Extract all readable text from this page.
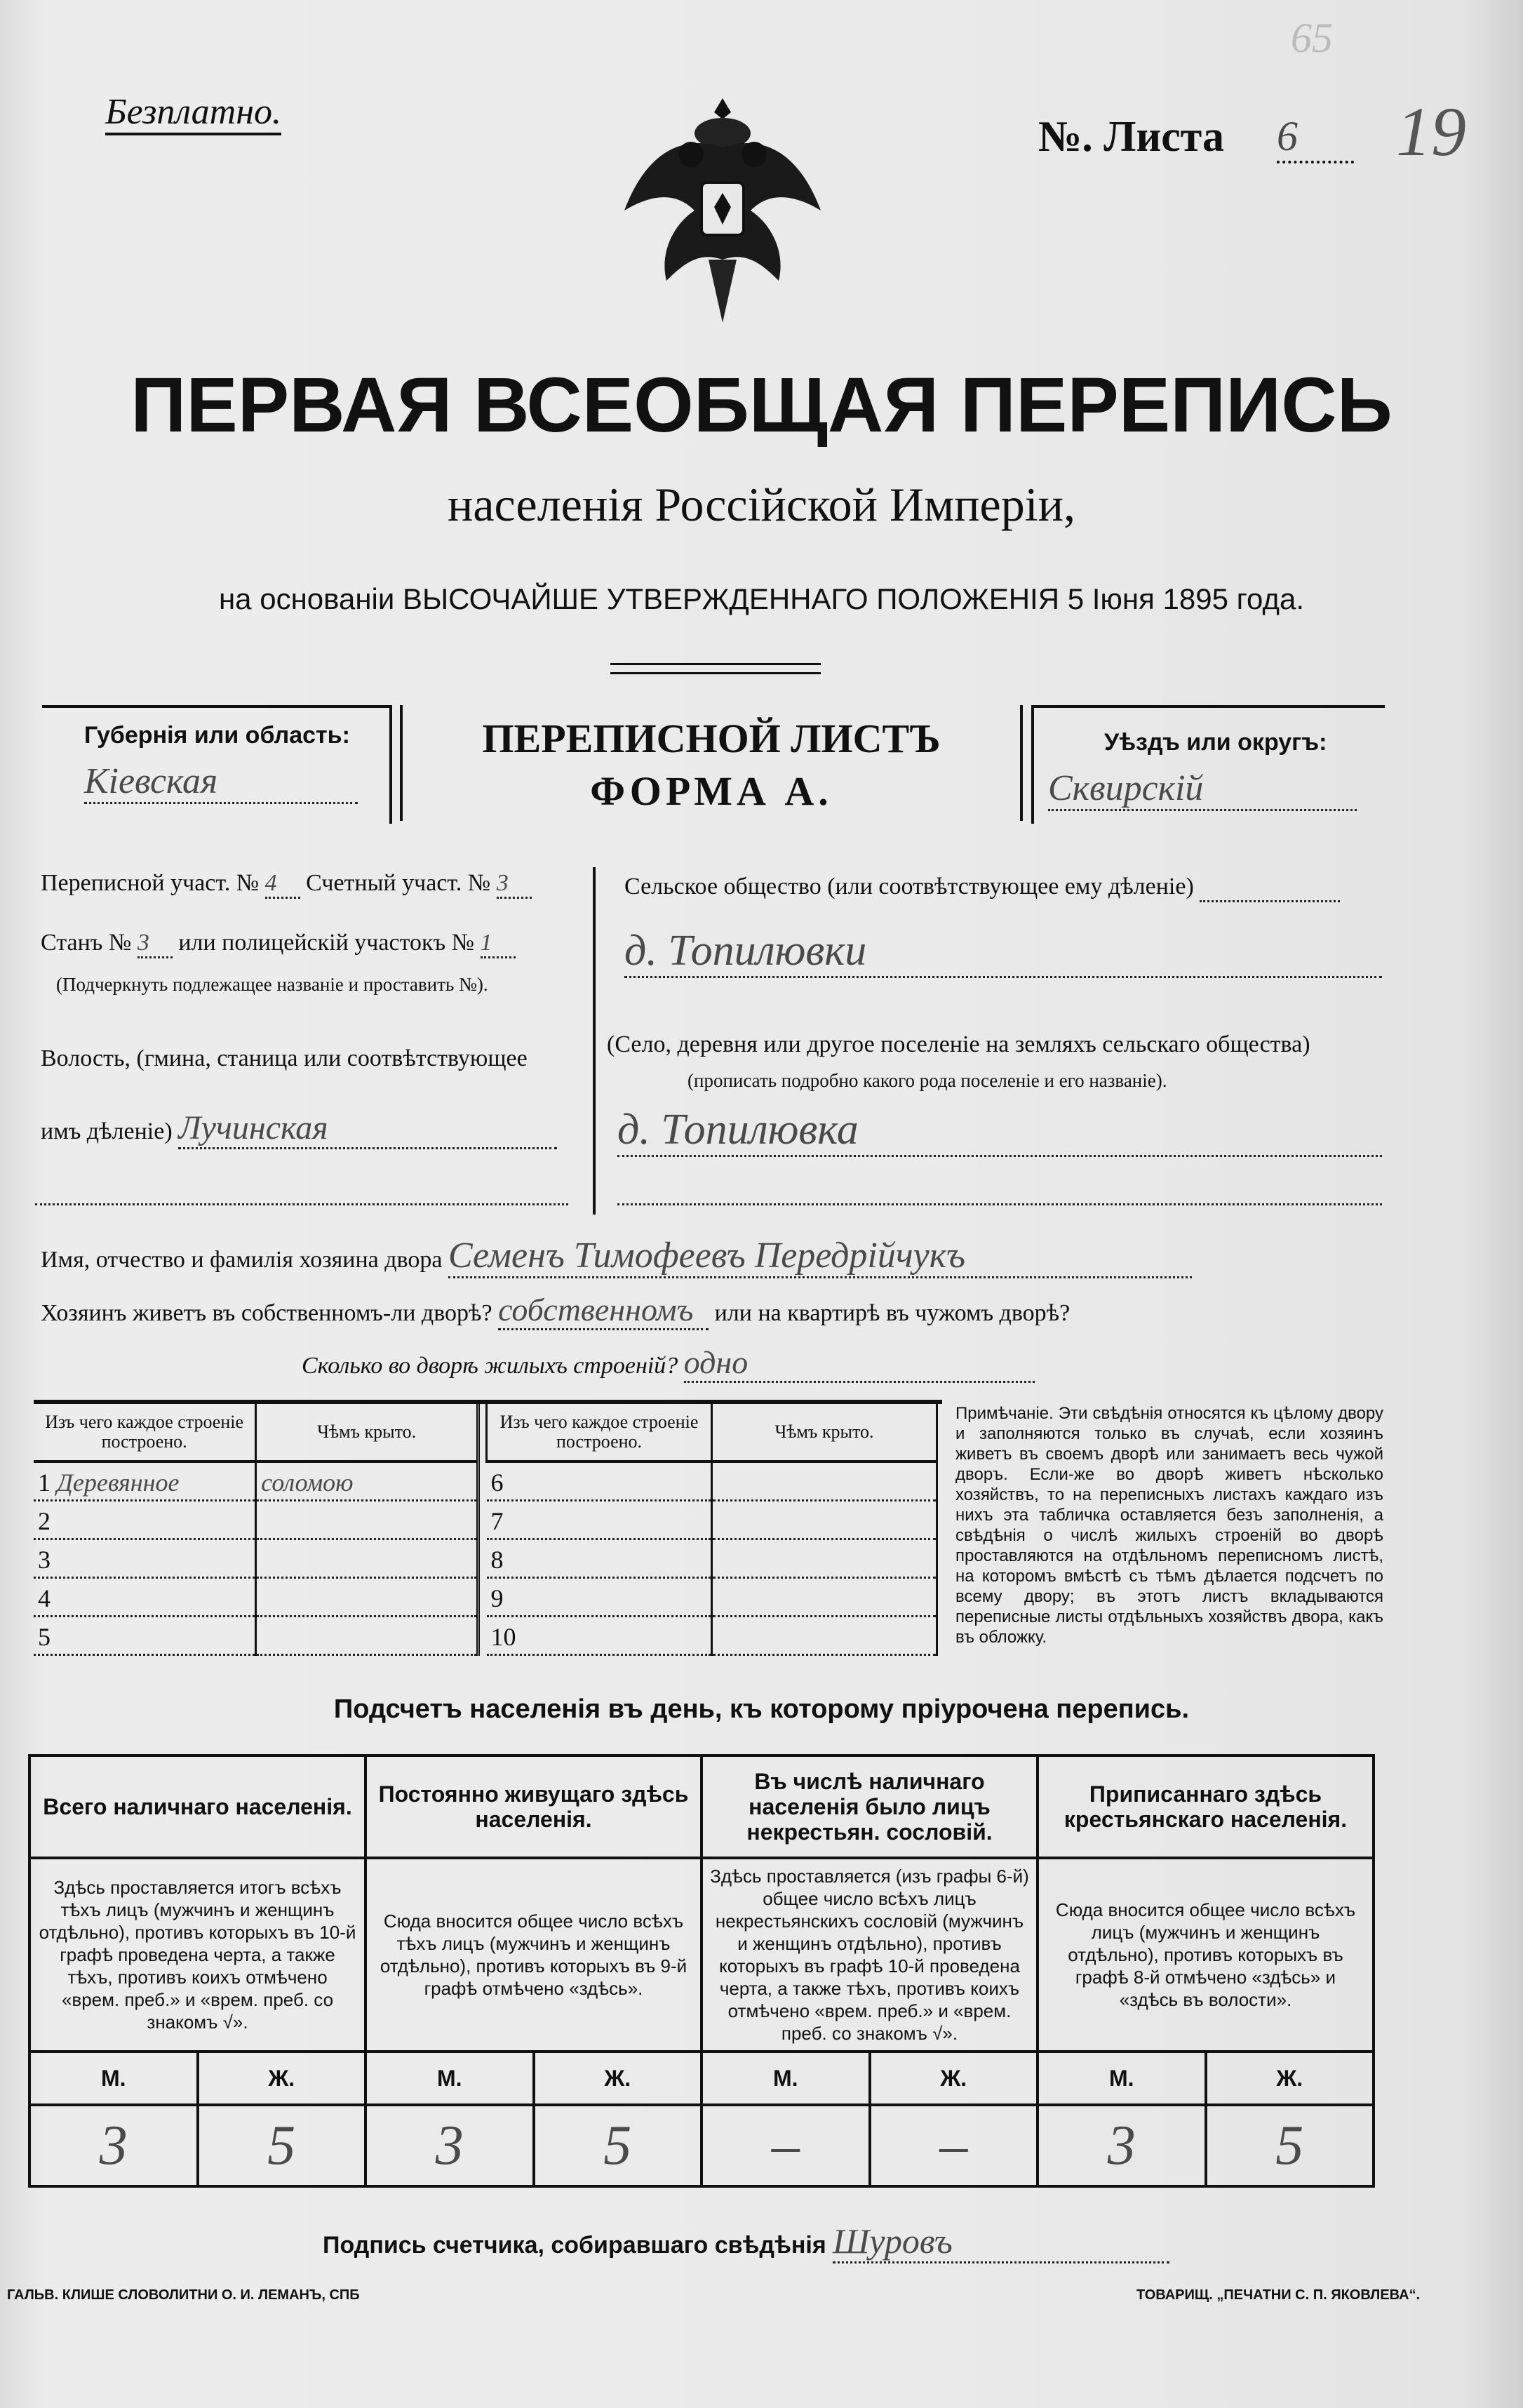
Безплатно.
№. Листа 6	19
65
ПЕРВАЯ ВСЕОБЩАЯ ПЕРЕПИСЬ
населенія Россійской Имперіи,
на основаніи ВЫСОЧАЙШЕ УТВЕРЖДЕННАГО ПОЛОЖЕНІЯ 5 Іюня 1895 года.
Губернія или область:
Кіевская
ПЕРЕПИСНОЙ ЛИСТЪ
ФОРМА А.
Уѣздъ или округъ:
Сквирскій
Переписной участ. № 4 Счетный участ. № 3
Станъ № 3 или полицейскій участокъ № 1
(Подчеркнуть подлежащее названіе и проставить №).
Волость, (гмина, станица или соотвѣтствующее
имъ дѣленіе) Лучинская
Сельское общество (или соотвѣтствующее ему дѣленіе)
д. Топилювки
(Село, деревня или другое поселеніе на земляхъ сельскаго общества)
(прописать подробно какого рода поселеніе и его названіе).
д. Топилювка
Имя, отчество и фамилія хозяина двора Семенъ Тимофеевъ Передрiйчукъ
Хозяинъ живетъ въ собственномъ-ли дворѣ? собственномъ или на квартирѣ въ чужомъ дворѣ?
Сколько во дворѣ жилыхъ строеній? одно
Изъ чего каждое строеніе построено.	Чѣмъ крыто.
1 Деревянное	соломою
2	
3	
4	
5	
Изъ чего каждое строеніе построено.	Чѣмъ крыто.
6	
7	
8	
9	
10	
Примѣчаніе. Эти свѣдѣнія относятся къ цѣлому двору и заполняются только въ случаѣ, если хозяинъ живетъ въ своемъ дворѣ или занимаетъ весь чужой дворъ. Если-же во дворѣ живетъ нѣсколько хозяйствъ, то на переписныхъ листахъ каждаго изъ нихъ эта табличка оставляется безъ заполненія, а свѣдѣнія о числѣ жилыхъ строеній во дворѣ проставляются на отдѣльномъ переписномъ листѣ, на которомъ вмѣстѣ съ тѣмъ дѣлается подсчетъ по всему двору; въ этотъ листъ вкладываются переписные листы отдѣльныхъ хозяйствъ двора, какъ въ обложку.
Подсчетъ населенія въ день, къ которому пріурочена перепись.
Всего наличнаго населенія.		Постоянно живущаго здѣсь населенія.		Въ числѣ наличнаго населенія было лицъ некрестьян. сословій.		Приписаннаго здѣсь крестьянскаго населенія.	
Здѣсь проставляется итогъ всѣхъ тѣхъ лицъ (мужчинъ и женщинъ отдѣльно), противъ которыхъ въ 10-й графѣ проведена черта, а также тѣхъ, противъ коихъ отмѣчено «врем. преб.» и «врем. преб. со знакомъ √».		Сюда вносится общее число всѣхъ тѣхъ лицъ (мужчинъ и женщинъ отдѣльно), противъ которыхъ въ 9-й графѣ отмѣчено «здѣсь».		Здѣсь проставляется (изъ графы 6-й) общее число всѣхъ лицъ некрестьянскихъ сословій (мужчинъ и женщинъ отдѣльно), противъ которыхъ въ графѣ 10-й проведена черта, а также тѣхъ, противъ коихъ отмѣчено «врем. преб.» и «врем. преб. со знакомъ √».		Сюда вносится общее число всѣхъ лицъ (мужчинъ и женщинъ отдѣльно), противъ которыхъ въ графѣ 8-й отмѣчено «здѣсь» и «здѣсь въ волости».	
М.	Ж.	М.	Ж.	М.	Ж.	М.	Ж.
3	5	3	5	–	–	3	5
Подпись счетчика, собиравшаго свѣдѣнія Шуровъ
ГАЛЬВ. КЛИШЕ СЛОВОЛИТНИ О. И. ЛЕМАНЪ, СПБ	ТОВАРИЩ. „ПЕЧАТНИ С. П. ЯКОВЛЕВА“.
